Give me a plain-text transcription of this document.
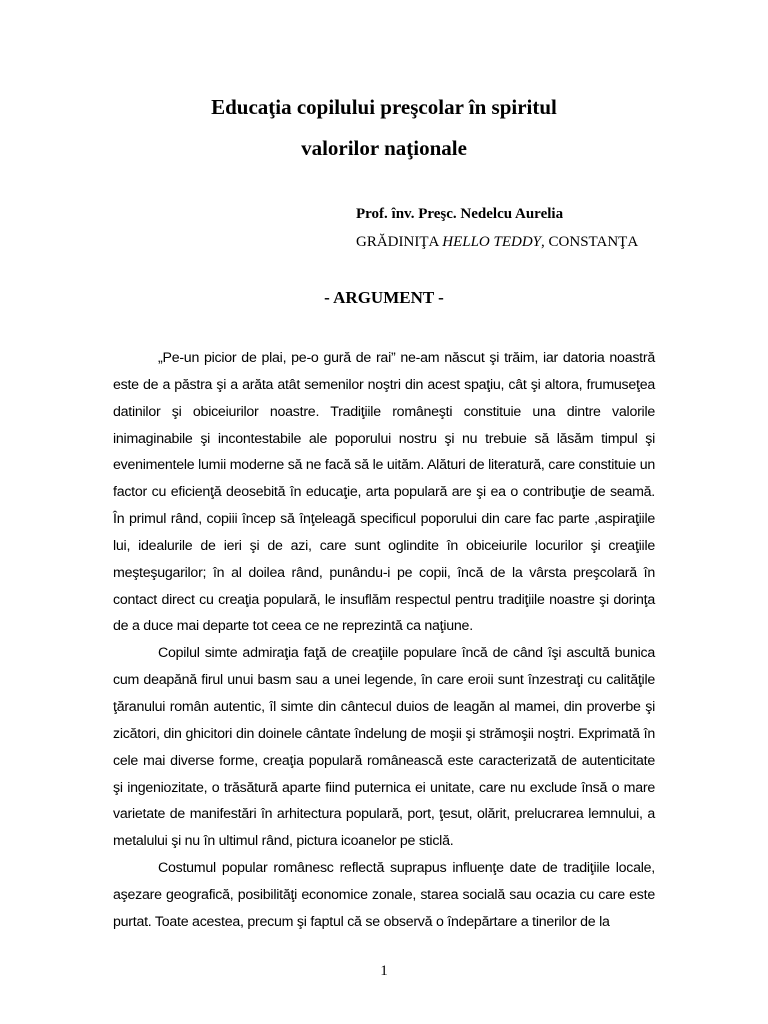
Educaţia copilului preşcolar în spiritul
valorilor naţionale
Prof. înv. Preşc. Nedelcu Aurelia
GRĂDINIŢA HELLO TEDDY, CONSTANŢA
- ARGUMENT -

„Pe-un picior de plai, pe-o gură de rai” ne-am născut şi trăim, iar datoria noastră este de a păstra şi a arăta atât semenilor noştri din acest spaţiu, cât şi altora, frumuseţea datinilor şi obiceiurilor noastre. Tradiţiile româneşti constituie una dintre valorile inimaginabile şi incontestabile ale poporului nostru şi nu trebuie să lăsăm timpul şi evenimentele lumii moderne să ne facă să le uităm. Alături de literatură, care constituie un factor cu eficienţă deosebită în educaţie, arta populară are şi ea o contribuţie de seamă. În primul rând, copiii încep să înţeleagă specificul poporului din care fac parte ,aspiraţiile lui, idealurile de ieri şi de azi, care sunt oglindite în obiceiurile locurilor şi creaţiile meşteşugarilor; în al doilea rând, punându-i pe copii, încă de la vârsta preşcolară în contact direct cu creaţia populară, le insuflăm respectul pentru tradiţiile noastre şi dorinţa de a duce mai departe tot ceea ce ne reprezintă ca naţiune.

Copilul simte admiraţia faţă de creaţiile populare încă de când îşi ascultă bunica cum deapănă firul unui basm sau a unei legende, în care eroii sunt înzestraţi cu calităţile ţăranului român autentic, îl simte din cântecul duios de leagăn al mamei, din proverbe şi zicători, din ghicitori din doinele cântate îndelung de moşii şi strămoşii noştri. Exprimată în cele mai diverse forme, creaţia populară românească este caracterizată de autenticitate şi ingeniozitate, o trăsătură aparte fiind puternica ei unitate, care nu exclude însă o mare varietate de manifestări în arhitectura populară, port, ţesut, olărit, prelucrarea lemnului, a metalului şi nu în ultimul rând, pictura icoanelor pe sticlă.

Costumul popular românesc reflectă suprapus influenţe date de tradiţiile locale, aşezare geografică, posibilităţi economice zonale, starea socială sau ocazia cu care este purtat. Toate acestea, precum şi faptul că se observă o îndepărtare a tinerilor de la

1
